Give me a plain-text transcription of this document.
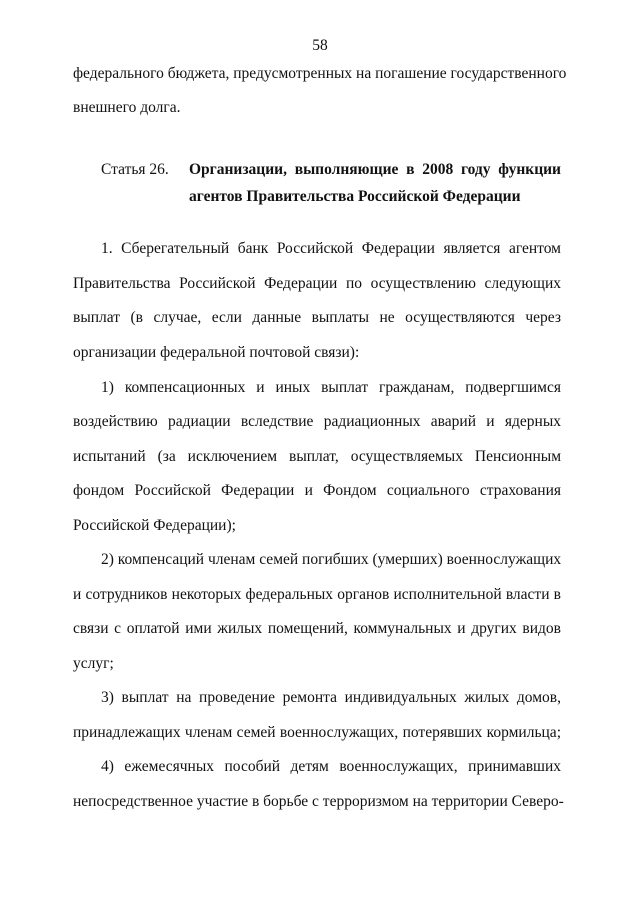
58
федерального бюджета, предусмотренных на погашение государственного
внешнего долга.
Статья 26. Организации, выполняющие в 2008 году функции
агентов Правительства Российской Федерации
1. Сберегательный банк Российской Федерации является агентом
Правительства Российской Федерации по осуществлению следующих
выплат (в случае, если данные выплаты не осуществляются через
организации федеральной почтовой связи):
1) компенсационных и иных выплат гражданам, подвергшимся
воздействию радиации вследствие радиационных аварий и ядерных
испытаний (за исключением выплат, осуществляемых Пенсионным
фондом Российской Федерации и Фондом социального страхования
Российской Федерации);
2) компенсаций членам семей погибших (умерших) военнослужащих
и сотрудников некоторых федеральных органов исполнительной власти в
связи с оплатой ими жилых помещений, коммунальных и других видов
услуг;
3) выплат на проведение ремонта индивидуальных жилых домов,
принадлежащих членам семей военнослужащих, потерявших кормильца;
4) ежемесячных пособий детям военнослужащих, принимавших
непосредственное участие в борьбе с терроризмом на территории Северо-
